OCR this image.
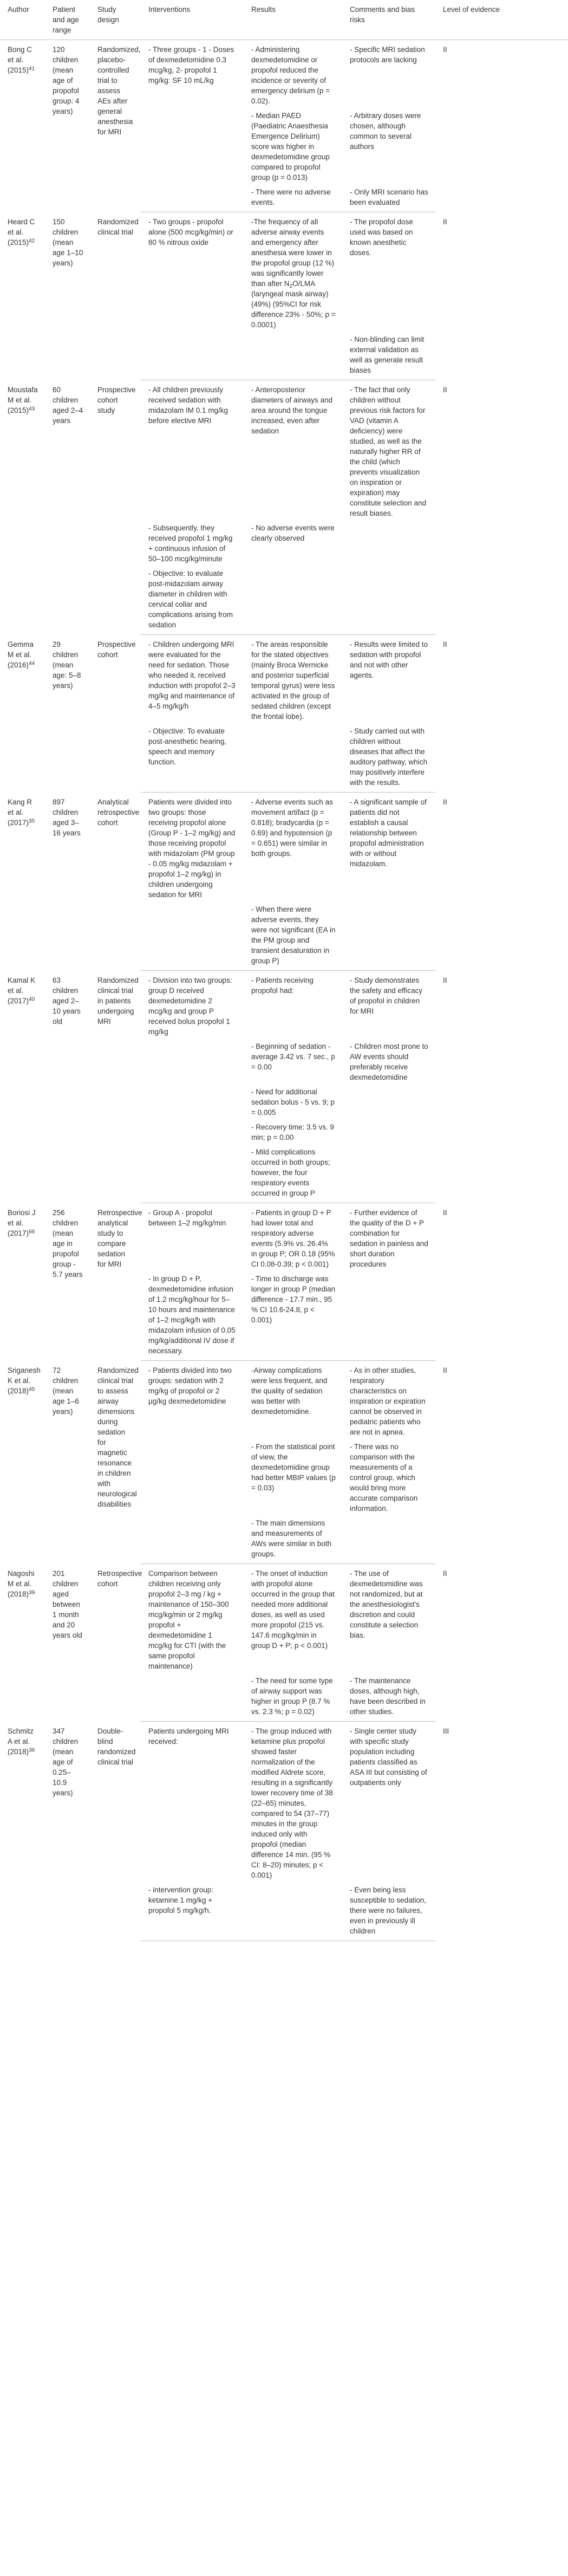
Author	Patient and age range	Study design	Interventions	Results	Comments and bias risks	Level of evidence
Bong C et al. $(2015)^{41}$	120 children (mean age of propofol group: 4 years)	Randomized, placebo-controlled trial to assess AEs after general anesthesia for MRI	- Three groups - 1 - Doses of dexmedetomidine 0.3 mcg/kg, 2- propofol 1 mg/kg: SF 10 mL/kg	- Administering dexmedetomidine or propofol reduced the incidence or severity of emergency delirium (p = 0.02).	- Specific MRI sedation protocols are lacking	II
				- Median PAED (Paediatric Anaesthesia Emergence Delirium) score was higher in dexmedetomidine group compared to propofol group (p = 0.013)	- Arbitrary doses were chosen, although common to several authors	
				- There were no adverse events.	- Only MRI scenario has been evaluated	
Heard C et al. $(2015)^{42}$	150 children (mean age 1–10 years)	Randomized clinical trial	- Two groups - propofol alone (500 mcg/kg/min) or 80 % nitrous oxide	-The frequency of all adverse airway events and emergency after anesthesia were lower in the propofol group (12 %) was significantly lower than after $N_2O$/LMA (laryngeal mask airway) (49%) (95%CI for risk difference 23% - 50%; p = 0.0001)	- The propofol dose used was based on known anesthetic doses.	II
					- Non-blinding can limit external validation as well as generate result biases	
Moustafa M et al. $(2015)^{43}$	60 children aged 2–4 years	Prospective cohort study	- All children previously received sedation with midazolam IM 0.1 mg/kg before elective MRI	- Anteroposterior diameters of airways and area around the tongue increased, even after sedation	- The fact that only children without previous risk factors for VAD (vitamin A deficiency) were studied, as well as the naturally higher RR of the child (which prevents visualization on inspiration or expiration) may constitute selection and result biases.	II
			- Subsequently, they received propofol 1 mg/kg + continuous infusion of 50–100 mcg/kg/minute	- No adverse events were clearly observed		
			- Objective: to evaluate post-midazolam airway diameter in children with cervical collar and complications arising from sedation			
Gemma M et al. $(2016)^{44}$	29 children (mean age: 5–8 years)	Prospective cohort	- Children undergoing MRI were evaluated for the need for sedation. Those who needed it, received induction with propofol 2–3 mg/kg and maintenance of 4–5 mg/kg/h	- The areas responsible for the stated objectives (mainly Broca Wernicke and posterior superficial temporal gyrus) were less activated in the group of sedated children (except the frontal lobe).	- Results were limited to sedation with propofol and not with other agents.	II
			- Objective: To evaluate post-anesthetic hearing, speech and memory function.		- Study carried out with children without diseases that affect the auditory pathway, which may positively interfere with the results.	
Kang R et al. $(2017)^{35}$	897 children aged 3–16 years	Analytical retrospective cohort	Patients were divided into two groups: those receiving propofol alone (Group P - 1–2 mg/kg) and those receiving propofol with midazolam (PM group - 0.05 mg/kg midazolam + propofol 1–2 mg/kg) in children undergoing sedation for MRI	- Adverse events such as movement artifact (p = 0.818); bradycardia (p = 0.69) and hypotension (p = 0.651) were similar in both groups.	- A significant sample of patients did not establish a causal relationship between propofol administration with or without midazolam.	II
				- When there were adverse events, they were not significant (EA in the PM group and transient desaturation in group P)		
Kamal K et al. $(2017)^{40}$	63 children aged 2–10 years old	Randomized clinical trial in patients undergoing MRI	- Division into two groups: group D received dexmedetomidine 2 mcg/kg and group P received bolus propofol 1 mg/kg	- Patients receiving propofol had:	- Study demonstrates the safety and efficacy of propofol in children for MRI	II
				- Beginning of sedation - average 3.42 vs. 7 sec., p = 0.00	- Children most prone to AW events should preferably receive dexmedetomidine	
				- Need for additional sedation bolus - 5 vs. 9; p = 0.005		
				- Recovery time: 3.5 vs. 9 min; p = 0.00		
				- Mild complications occurred in both groups; however, the four respiratory events occurred in group P		
Boriosi J et al. $(2017)^{66}$	256 children (mean age in propofol group - 5.7 years	Retrospective analytical study to compare sedation for MRI	- Group A - propofol between 1–2 mg/kg/min	- Patients in group D + P had lower total and respiratory adverse events (5.9% vs. 26.4% in group P; OR 0.18 (95% CI 0.08-0.39; p < 0.001)	- Further evidence of the quality of the D + P combination for sedation in painless and short duration procedures	II
			- In group D + P, dexmedetomidine infusion of 1.2 mcg/kg/hour for 5–10 hours and maintenance of 1–2 mcg/kg/h with midazolam infusion of 0.05 mg/kg/additional IV dose if necessary.	- Time to discharge was longer in group P (median difference - 17.7 min., 95 % CI 10.6-24.8, p < 0.001)		
Sriganesh K et al. $(2018)^{45}$	72 children (mean age 1–6 years)	Randomized clinical trial to assess airway dimensions during sedation for magnetic resonance in children with neurological disabilities	- Patients divided into two groups: sedation with 2 mg/kg of propofol or 2 µg/kg dexmedetomidine	-Airway complications were less frequent, and the quality of sedation was better with dexmedetomidine.	- As in other studies, respiratory characteristics on inspiration or expiration cannot be observed in pediatric patients who are not in apnea.	II
				- From the statistical point of view, the dexmedetomidine group had better MBIP values (p = 0.03)	- There was no comparison with the measurements of a control group, which would bring more accurate comparison information.	
				- The main dimensions and measurements of AWs were similar in both groups.		
Nagoshi M et al. $(2018)^{39}$	201 children aged between 1 month and 20 years old	Retrospective cohort	Comparison between children receiving only propofol 2–3 mg / kg + maintenance of 150–300 mcg/kg/min or 2 mg/kg propofol + dexmedetomidine 1 mcg/kg for CTI (with the same propofol maintenance)	- The onset of induction with propofol alone occurred in the group that needed more additional doses, as well as used more propofol (215 vs. 147.6 mcg/kg/min in group D + P; p < 0.001)	- The use of dexmedetomidine was not randomized, but at the anesthesiologist's discretion and could constitute a selection bias.	II
				- The need for some type of airway support was higher in group P (8.7 % vs. 2.3 %; p = 0.02)	- The maintenance doses, although high, have been described in other studies.	
Schmitz A et al. $(2018)^{36}$	347 children (mean age of 0.25–10.9 years)	Double-blind randomized clinical trial	Patients undergoing MRI received:	- The group induced with ketamine plus propofol showed faster normalization of the modified Aldrete score, resulting in a significantly lower recovery time of 38 (22–65) minutes, compared to 54 (37–77) minutes in the group induced only with propofol (median difference 14 min. (95 % CI: 8–20) minutes; p < 0.001)	- Single center study with specific study population including patients classified as ASA III but consisting of outpatients only	III
			- intervention group: ketamine 1 mg/kg + propofol 5 mg/kg/h.		- Even being less susceptible to sedation, there were no failures, even in previously ill children	
